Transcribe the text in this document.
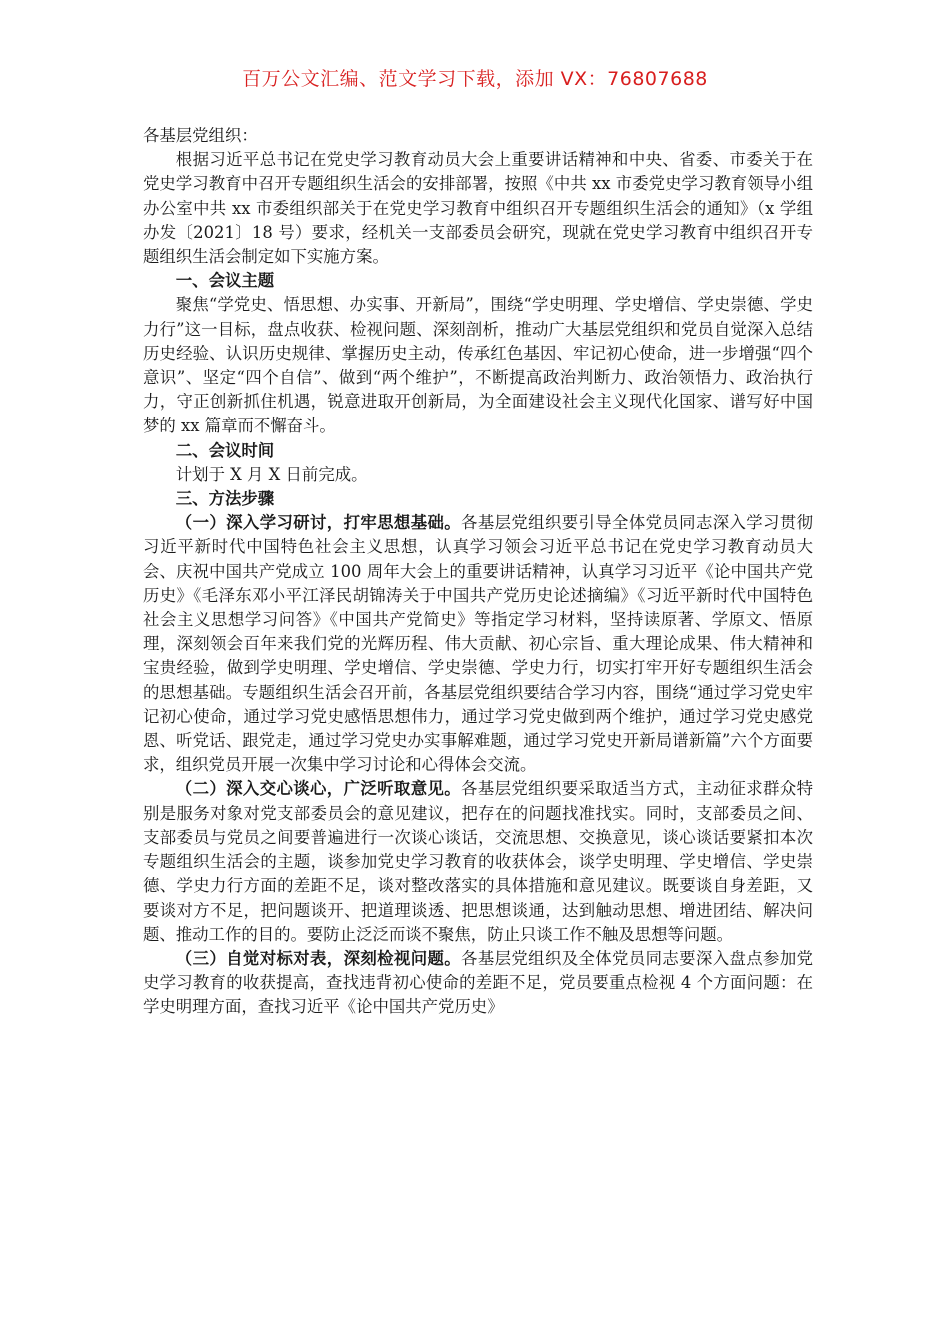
百万公文汇编、范文学习下载，添加 VX：76807688

各基层党组织：

根据习近平总书记在党史学习教育动员大会上重要讲话精神和中央、省委、市委关于在党史学习教育中召开专题组织生活会的安排部署，按照《中共 xx 市委党史学习教育领导小组办公室中共 xx 市委组织部关于在党史学习教育中组织召开专题组织生活会的通知》（x 学组办发〔2021〕18 号）要求，经机关一支部委员会研究，现就在党史学习教育中组织召开专题组织生活会制定如下实施方案。

一、会议主题

聚焦“学党史、悟思想、办实事、开新局”，围绕“学史明理、学史增信、学史崇德、学史力行”这一目标，盘点收获、检视问题、深刻剖析，推动广大基层党组织和党员自觉深入总结历史经验、认识历史规律、掌握历史主动，传承红色基因、牢记初心使命，进一步增强“四个意识”、坚定“四个自信”、做到“两个维护”，不断提高政治判断力、政治领悟力、政治执行力，守正创新抓住机遇，锐意进取开创新局，为全面建设社会主义现代化国家、谱写好中国梦的 xx 篇章而不懈奋斗。

二、会议时间

计划于 X 月 X 日前完成。

三、方法步骤

（一）深入学习研讨，打牢思想基础。各基层党组织要引导全体党员同志深入学习贯彻习近平新时代中国特色社会主义思想，认真学习领会习近平总书记在党史学习教育动员大会、庆祝中国共产党成立 100 周年大会上的重要讲话精神，认真学习习近平《论中国共产党历史》《毛泽东邓小平江泽民胡锦涛关于中国共产党历史论述摘编》《习近平新时代中国特色社会主义思想学习问答》《中国共产党简史》等指定学习材料，坚持读原著、学原文、悟原理，深刻领会百年来我们党的光辉历程、伟大贡献、初心宗旨、重大理论成果、伟大精神和宝贵经验，做到学史明理、学史增信、学史崇德、学史力行，切实打牢开好专题组织生活会的思想基础。专题组织生活会召开前，各基层党组织要结合学习内容，围绕“通过学习党史牢记初心使命，通过学习党史感悟思想伟力，通过学习党史做到两个维护，通过学习党史感党恩、听党话、跟党走，通过学习党史办实事解难题，通过学习党史开新局谱新篇”六个方面要求，组织党员开展一次集中学习讨论和心得体会交流。

（二）深入交心谈心，广泛听取意见。各基层党组织要采取适当方式，主动征求群众特别是服务对象对党支部委员会的意见建议，把存在的问题找准找实。同时，支部委员之间、支部委员与党员之间要普遍进行一次谈心谈话，交流思想、交换意见，谈心谈话要紧扣本次专题组织生活会的主题，谈参加党史学习教育的收获体会，谈学史明理、学史增信、学史崇德、学史力行方面的差距不足，谈对整改落实的具体措施和意见建议。既要谈自身差距，又要谈对方不足，把问题谈开、把道理谈透、把思想谈通，达到触动思想、增进团结、解决问题、推动工作的目的。要防止泛泛而谈不聚焦，防止只谈工作不触及思想等问题。

（三）自觉对标对表，深刻检视问题。各基层党组织及全体党员同志要深入盘点参加党史学习教育的收获提高，查找违背初心使命的差距不足，党员要重点检视 4 个方面问题：在学史明理方面，查找习近平《论中国共产党历史》
